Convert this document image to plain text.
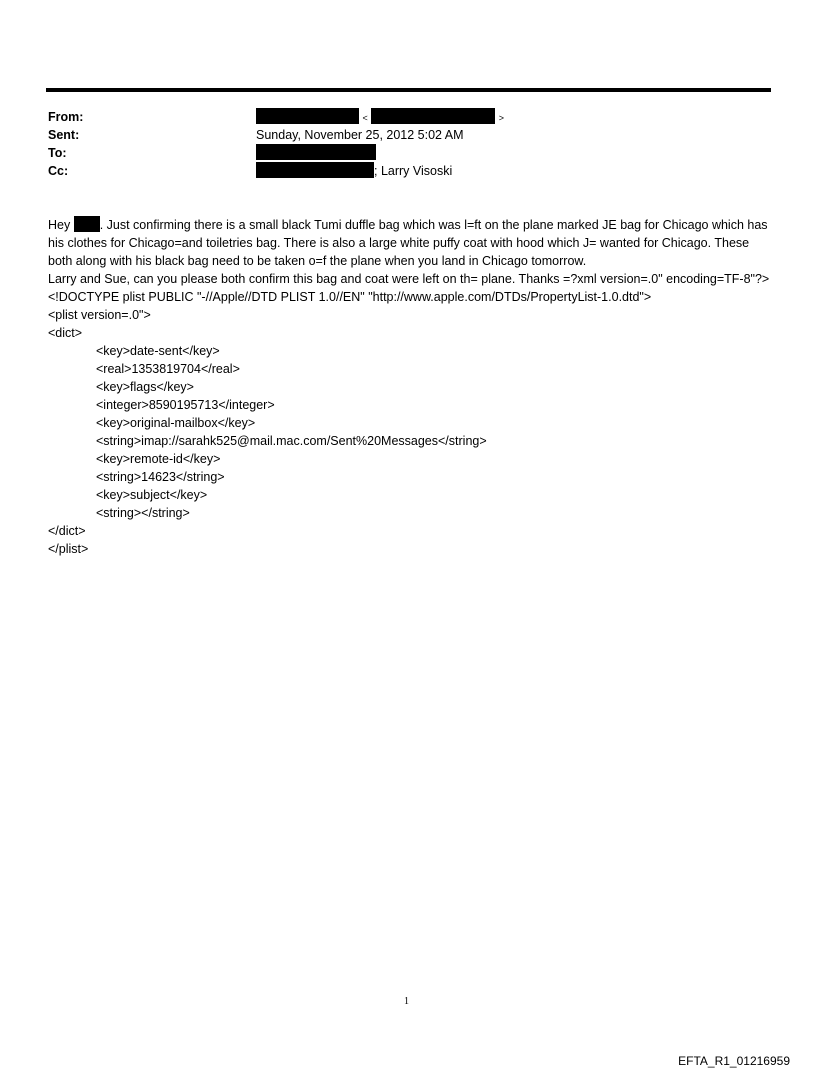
From:	<	>
Sent:	Sunday, November 25, 2012 5:02 AM
To:
Cc:	; Larry Visoski

Hey . Just confirming there is a small black Tumi duffle bag which was l=ft on the plane marked JE bag for Chicago which has his clothes for Chicago=and toiletries bag. There is also a large white puffy coat with hood which J= wanted for Chicago. These both along with his black bag need to be taken o=f the plane when you land in Chicago tomorrow.

Larry and Sue, can you please both confirm this bag and coat were left on th= plane. Thanks =?xml version=.0" encoding=TF-8"?> <!DOCTYPE plist PUBLIC "-//Apple//DTD PLIST 1.0//EN" "http://www.apple.com/DTDs/PropertyList-1.0.dtd">

<plist version=.0">
<dict>
<key>date-sent</key>
<real>1353819704</real>
<key>flags</key>
<integer>8590195713</integer>
<key>original-mailbox</key>
<string>imap://sarahk525@mail.mac.com/Sent%20Messages</string>
<key>remote-id</key>
<string>14623</string>
<key>subject</key>
<string></string>
</dict>
</plist>
1
EFTA_R1_01216959
